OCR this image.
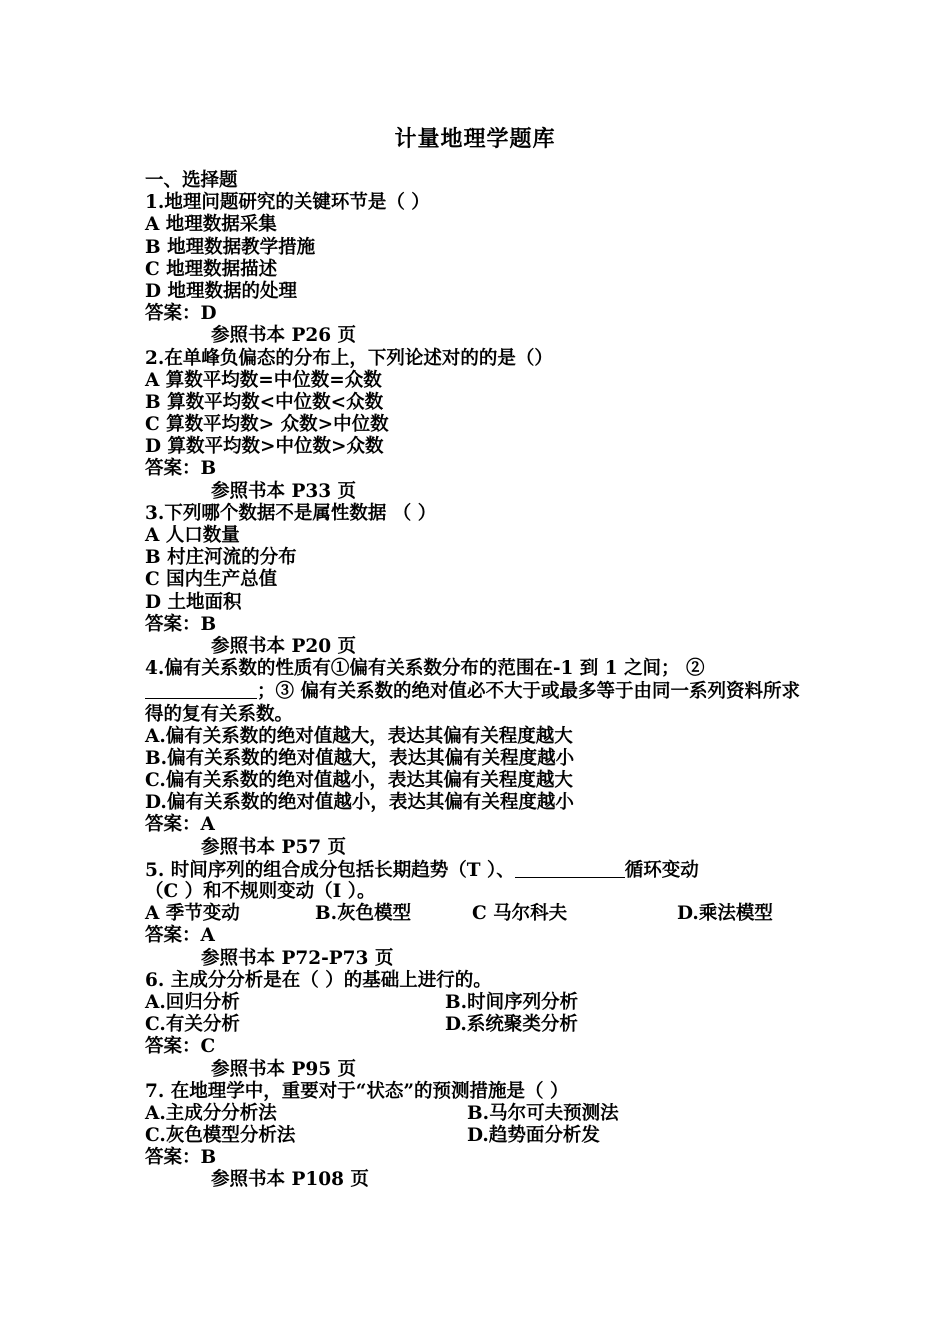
计量地理学题库
一、选择题
1.地理问题研究的关键环节是（ ）
A 地理数据采集
B 地理数据教学措施
C 地理数据描述
D 地理数据的处理
答案：D
参照书本 P26 页
2.在单峰负偏态的分布上，下列论述对的的是（）
A 算数平均数=中位数=众数
B 算数平均数<中位数<众数
C 算数平均数> 众数>中位数
D 算数平均数>中位数>众数
答案：B
参照书本 P33 页
3.下列哪个数据不是属性数据 （ ）
A 人口数量
B 村庄河流的分布
C 国内生产总值
D 土地面积
答案：B
参照书本 P20 页
4.偏有关系数的性质有①偏有关系数分布的范围在-1 到 1 之间； ②
；③ 偏有关系数的绝对值必不大于或最多等于由同一系列资料所求得的复有关系数。
A.偏有关系数的绝对值越大，表达其偏有关程度越大
B.偏有关系数的绝对值越大，表达其偏有关程度越小
C.偏有关系数的绝对值越小，表达其偏有关程度越大
D.偏有关系数的绝对值越小，表达其偏有关程度越小
答案：A
参照书本 P57 页
5. 时间序列的组合成分包括长期趋势（T ）、	循环变动
（C ）和不规则变动（I ）。
A 季节变动	B.灰色模型	C 马尔科夫	D.乘法模型
答案：A
参照书本 P72-P73 页
6. 主成分分析是在（ ）的基础上进行的。
A.回归分析	B.时间序列分析
C.有关分析	D.系统聚类分析
答案：C
参照书本 P95 页
7. 在地理学中，重要对于“状态”的预测措施是（ ）
A.主成分分析法	B.马尔可夫预测法
C.灰色模型分析法	D.趋势面分析发
答案：B
参照书本 P108 页
